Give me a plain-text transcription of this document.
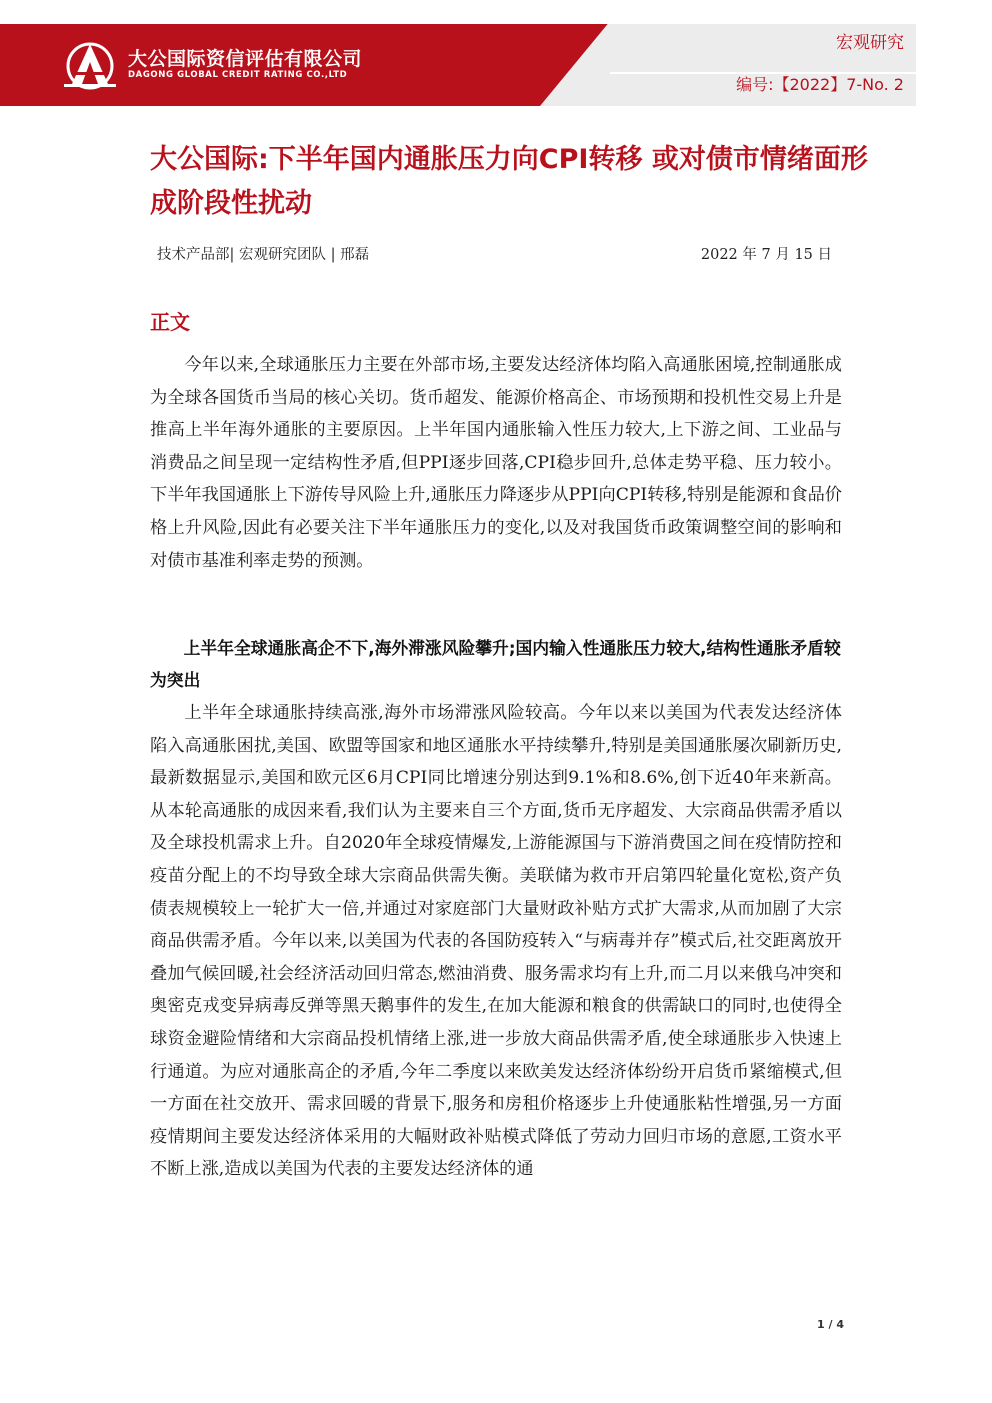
大公国际资信评估有限公司
DAGONG GLOBAL CREDIT RATING CO.,LTD
宏观研究
编号:【2022】7-No. 2
大公国际:下半年国内通胀压力向CPI转移 或对债市情绪面形成阶段性扰动
技术产品部| 宏观研究团队 | 邢磊	2022 年 7 月 15 日
正文

今年以来,全球通胀压力主要在外部市场,主要发达经济体均陷入高通胀困境,控制通胀成为全球各国货币当局的核心关切。货币超发、能源价格高企、市场预期和投机性交易上升是推高上半年海外通胀的主要原因。上半年国内通胀输入性压力较大,上下游之间、工业品与消费品之间呈现一定结构性矛盾,但PPI逐步回落,CPI稳步回升,总体走势平稳、压力较小。下半年我国通胀上下游传导风险上升,通胀压力降逐步从PPI向CPI转移,特别是能源和食品价格上升风险,因此有必要关注下半年通胀压力的变化,以及对我国货币政策调整空间的影响和对债市基准利率走势的预测。

上半年全球通胀高企不下,海外滞涨风险攀升;国内输入性通胀压力较大,结构性通胀矛盾较为突出

上半年全球通胀持续高涨,海外市场滞涨风险较高。今年以来以美国为代表发达经济体陷入高通胀困扰,美国、欧盟等国家和地区通胀水平持续攀升,特别是美国通胀屡次刷新历史,最新数据显示,美国和欧元区6月CPI同比增速分别达到9.1%和8.6%,创下近40年来新高。从本轮高通胀的成因来看,我们认为主要来自三个方面,货币无序超发、大宗商品供需矛盾以及全球投机需求上升。自2020年全球疫情爆发,上游能源国与下游消费国之间在疫情防控和疫苗分配上的不均导致全球大宗商品供需失衡。美联储为救市开启第四轮量化宽松,资产负债表规模较上一轮扩大一倍,并通过对家庭部门大量财政补贴方式扩大需求,从而加剧了大宗商品供需矛盾。今年以来,以美国为代表的各国防疫转入“与病毒并存”模式后,社交距离放开叠加气候回暖,社会经济活动回归常态,燃油消费、服务需求均有上升,而二月以来俄乌冲突和奥密克戎变异病毒反弹等黑天鹅事件的发生,在加大能源和粮食的供需缺口的同时,也使得全球资金避险情绪和大宗商品投机情绪上涨,进一步放大商品供需矛盾,使全球通胀步入快速上行通道。为应对通胀高企的矛盾,今年二季度以来欧美发达经济体纷纷开启货币紧缩模式,但一方面在社交放开、需求回暖的背景下,服务和房租价格逐步上升使通胀粘性增强,另一方面疫情期间主要发达经济体采用的大幅财政补贴模式降低了劳动力回归市场的意愿,工资水平不断上涨,造成以美国为代表的主要发达经济体的通

1 / 4
